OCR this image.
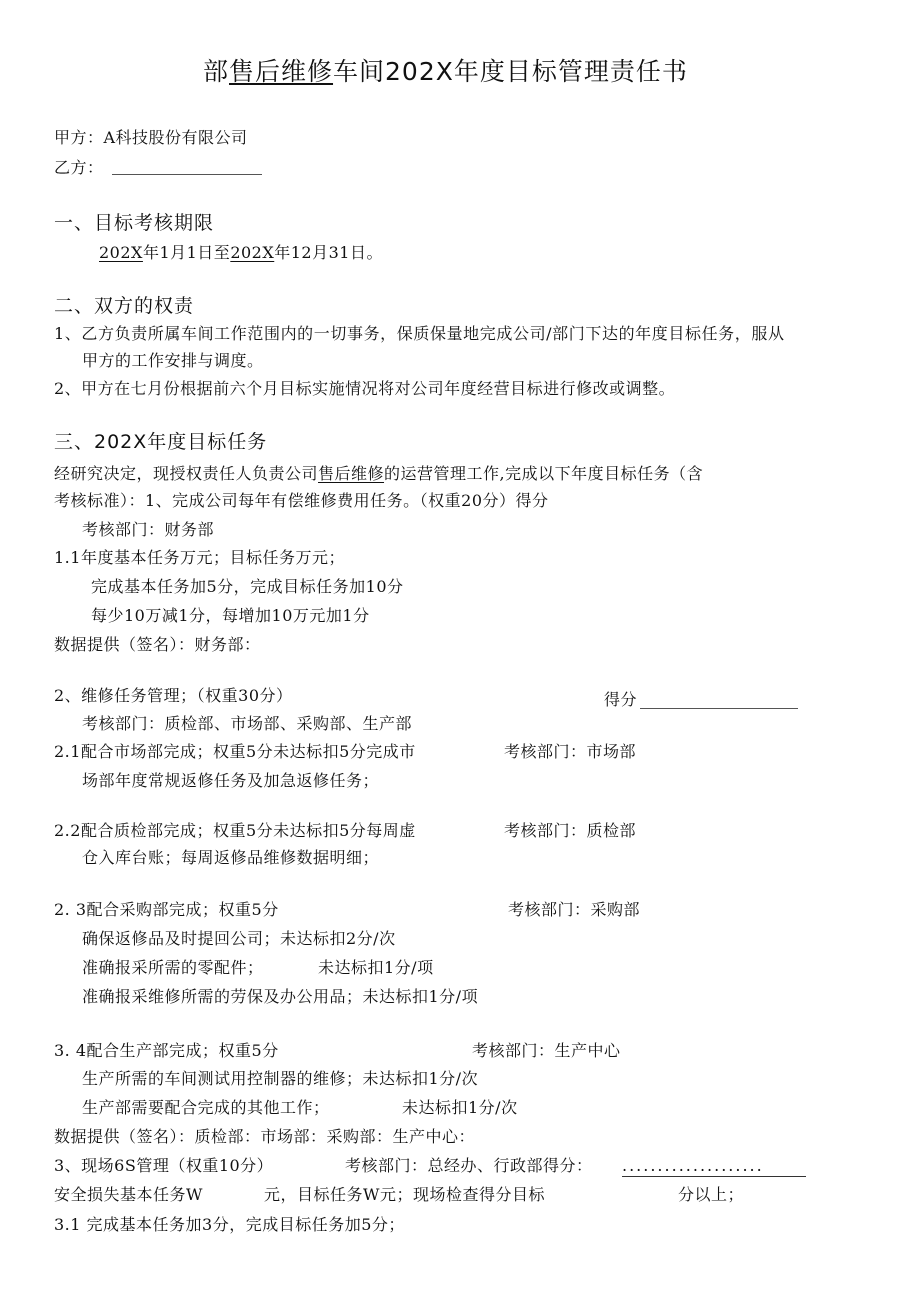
部售后维修车间202X年度目标管理责任书
甲方：A科技股份有限公司
乙方：
一、目标考核期限
202X年1月1日至202X年12月31日。
二、双方的权责
1、乙方负责所属车间工作范围内的一切事务，保质保量地完成公司/部门下达的年度目标任务，服从
甲方的工作安排与调度。
2、甲方在七月份根据前六个月目标实施情况将对公司年度经营目标进行修改或调整。
三、202X年度目标任务
经研究决定，现授权责任人负责公司售后维修的运营管理工作,完成以下年度目标任务（含
考核标准）：1、完成公司每年有偿维修费用任务。（权重20分）得分
考核部门：财务部
1.1年度基本任务万元；目标任务万元；
完成基本任务加5分，完成目标任务加10分
每少10万减1分，每增加10万元加1分
数据提供（签名）：财务部：
2、维修任务管理；（权重30分）	得分
考核部门：质检部、市场部、采购部、生产部
2.1配合市场部完成；权重5分未达标扣5分完成市	考核部门：市场部
场部年度常规返修任务及加急返修任务；
2.2配合质检部完成；权重5分未达标扣5分每周虚	考核部门：质检部
仓入库台账；每周返修品维修数据明细；
2. 3配合采购部完成；权重5分	考核部门：采购部
确保返修品及时提回公司；未达标扣2分/次
准确报采所需的零配件；	未达标扣1分/项
准确报采维修所需的劳保及办公用品；未达标扣1分/项
3. 4配合生产部完成；权重5分	考核部门：生产中心
生产所需的车间测试用控制器的维修；未达标扣1分/次
生产部需要配合完成的其他工作；	未达标扣1分/次
数据提供（签名）：质检部：市场部：采购部：生产中心：
3、现场6S管理（权重10分）	考核部门：总经办、行政部得分： ....................
安全损失基本任务W	元，目标任务W元；现场检查得分目标	分以上；
3.1 完成基本任务加3分，完成目标任务加5分；
